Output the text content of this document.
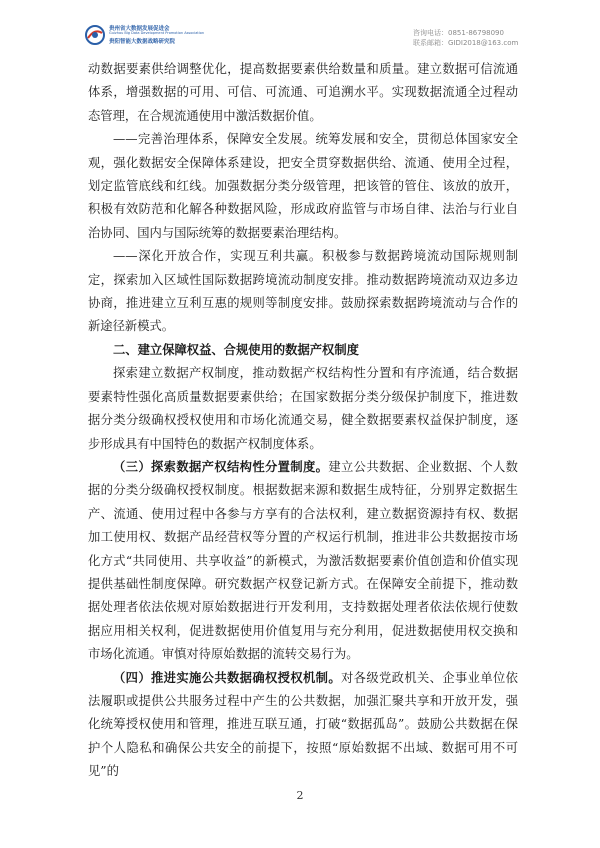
贵州省大数据发展促进会
Guizhou Big Data Development Promotion Association
贵阳智能大数据战略研究院
咨询电话：0851-86798090
联系邮箱：GIDI2018@163.com

动数据要素供给调整优化，提高数据要素供给数量和质量。建立数据可信流通体系，增强数据的可用、可信、可流通、可追溯水平。实现数据流通全过程动态管理，在合规流通使用中激活数据价值。

——完善治理体系，保障安全发展。统筹发展和安全，贯彻总体国家安全观，强化数据安全保障体系建设，把安全贯穿数据供给、流通、使用全过程，划定监管底线和红线。加强数据分类分级管理，把该管的管住、该放的放开，积极有效防范和化解各种数据风险，形成政府监管与市场自律、法治与行业自治协同、国内与国际统筹的数据要素治理结构。

——深化开放合作，实现互利共赢。积极参与数据跨境流动国际规则制定，探索加入区域性国际数据跨境流动制度安排。推动数据跨境流动双边多边协商，推进建立互利互惠的规则等制度安排。鼓励探索数据跨境流动与合作的新途径新模式。

二、建立保障权益、合规使用的数据产权制度

探索建立数据产权制度，推动数据产权结构性分置和有序流通，结合数据要素特性强化高质量数据要素供给；在国家数据分类分级保护制度下，推进数据分类分级确权授权使用和市场化流通交易，健全数据要素权益保护制度，逐步形成具有中国特色的数据产权制度体系。

（三）探索数据产权结构性分置制度。建立公共数据、企业数据、个人数据的分类分级确权授权制度。根据数据来源和数据生成特征，分别界定数据生产、流通、使用过程中各参与方享有的合法权利，建立数据资源持有权、数据加工使用权、数据产品经营权等分置的产权运行机制，推进非公共数据按市场化方式“共同使用、共享收益”的新模式，为激活数据要素价值创造和价值实现提供基础性制度保障。研究数据产权登记新方式。在保障安全前提下，推动数据处理者依法依规对原始数据进行开发利用，支持数据处理者依法依规行使数据应用相关权利，促进数据使用价值复用与充分利用，促进数据使用权交换和市场化流通。审慎对待原始数据的流转交易行为。

（四）推进实施公共数据确权授权机制。对各级党政机关、企事业单位依法履职或提供公共服务过程中产生的公共数据，加强汇聚共享和开放开发，强化统筹授权使用和管理，推进互联互通，打破“数据孤岛”。鼓励公共数据在保护个人隐私和确保公共安全的前提下，按照“原始数据不出域、数据可用不可见”的

2
